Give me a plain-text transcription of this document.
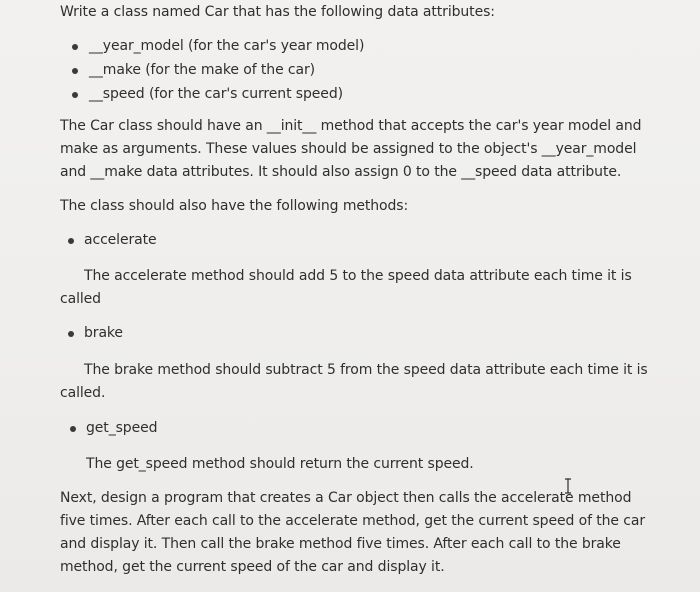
Write a class named Car that has the following data attributes:
__year_model (for the car's year model)
__make (for the make of the car)
__speed (for the car's current speed)
The Car class should have an __init__ method that accepts the car's year model and
make as arguments. These values should be assigned to the object's __year_model
and __make data attributes. It should also assign 0 to the __speed data attribute.
The class should also have the following methods:
accelerate
The accelerate method should add 5 to the speed data attribute each time it is
called
brake
The brake method should subtract 5 from the speed data attribute each time it is
called.
get_speed
The get_speed method should return the current speed.
Next, design a program that creates a Car object then calls the accelerate method
five times. After each call to the accelerate method, get the current speed of the car
and display it. Then call the brake method five times. After each call to the brake
method, get the current speed of the car and display it.
